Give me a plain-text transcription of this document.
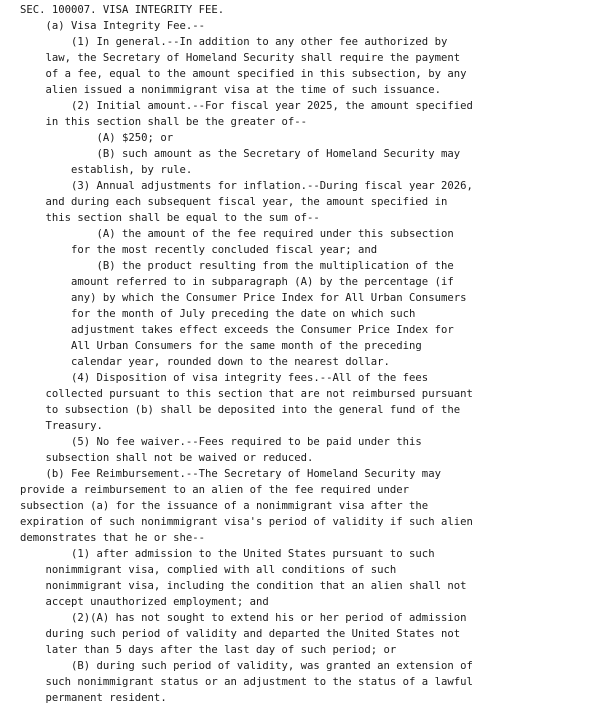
SEC. 100007. VISA INTEGRITY FEE.
(a) Visa Integrity Fee.--
(1) In general.--In addition to any other fee authorized by
law, the Secretary of Homeland Security shall require the payment
of a fee, equal to the amount specified in this subsection, by any
alien issued a nonimmigrant visa at the time of such issuance.
(2) Initial amount.--For fiscal year 2025, the amount specified
in this section shall be the greater of--
(A) $250; or
(B) such amount as the Secretary of Homeland Security may
establish, by rule.
(3) Annual adjustments for inflation.--During fiscal year 2026,
and during each subsequent fiscal year, the amount specified in
this section shall be equal to the sum of--
(A) the amount of the fee required under this subsection
for the most recently concluded fiscal year; and
(B) the product resulting from the multiplication of the
amount referred to in subparagraph (A) by the percentage (if
any) by which the Consumer Price Index for All Urban Consumers
for the month of July preceding the date on which such
adjustment takes effect exceeds the Consumer Price Index for
All Urban Consumers for the same month of the preceding
calendar year, rounded down to the nearest dollar.
(4) Disposition of visa integrity fees.--All of the fees
collected pursuant to this section that are not reimbursed pursuant
to subsection (b) shall be deposited into the general fund of the
Treasury.
(5) No fee waiver.--Fees required to be paid under this
subsection shall not be waived or reduced.
(b) Fee Reimbursement.--The Secretary of Homeland Security may
provide a reimbursement to an alien of the fee required under
subsection (a) for the issuance of a nonimmigrant visa after the
expiration of such nonimmigrant visa's period of validity if such alien
demonstrates that he or she--
(1) after admission to the United States pursuant to such
nonimmigrant visa, complied with all conditions of such
nonimmigrant visa, including the condition that an alien shall not
accept unauthorized employment; and
(2)(A) has not sought to extend his or her period of admission
during such period of validity and departed the United States not
later than 5 days after the last day of such period; or
(B) during such period of validity, was granted an extension of
such nonimmigrant status or an adjustment to the status of a lawful
permanent resident.
